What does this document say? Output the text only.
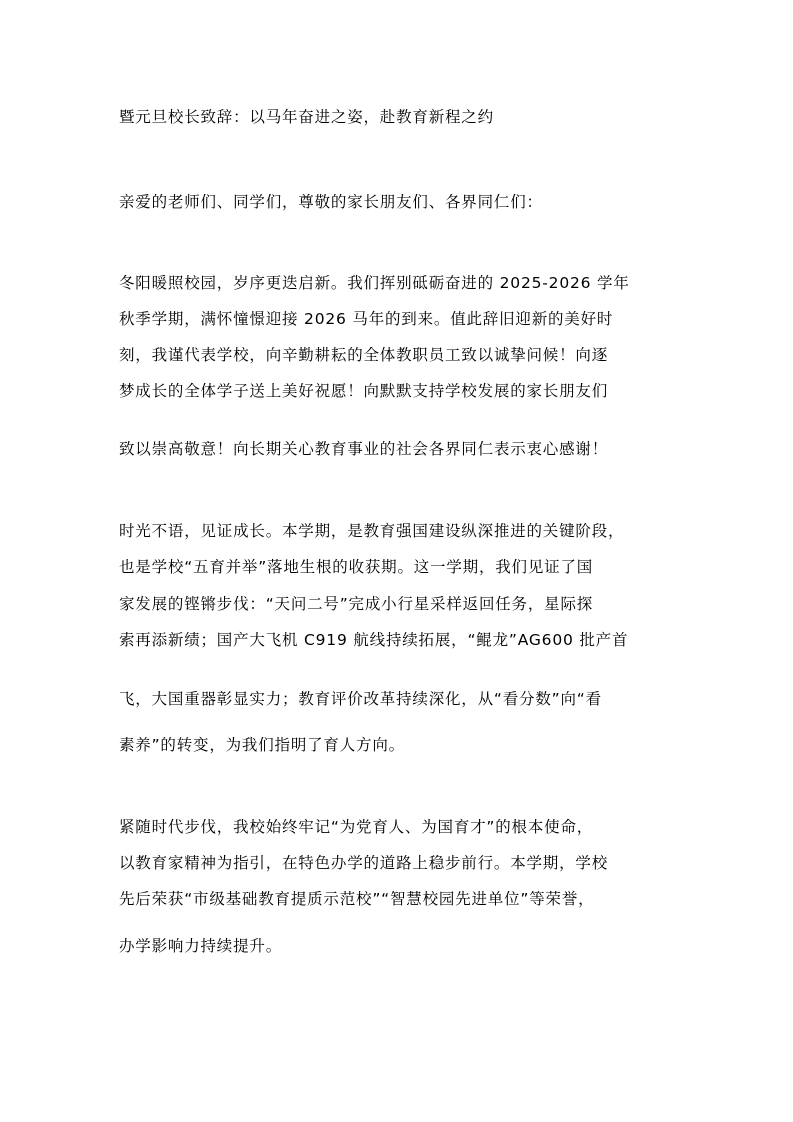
暨元旦校长致辞：以马年奋进之姿，赴教育新程之约
亲爱的老师们、同学们，尊敬的家长朋友们、各界同仁们：
冬阳暖照校园，岁序更迭启新。我们挥别砥砺奋进的 2025-2026 学年
秋季学期，满怀憧憬迎接 2026 马年的到来。值此辞旧迎新的美好时
刻，我谨代表学校，向辛勤耕耘的全体教职员工致以诚挚问候！向逐
梦成长的全体学子送上美好祝愿！向默默支持学校发展的家长朋友们
致以崇高敬意！向长期关心教育事业的社会各界同仁表示衷心感谢！
时光不语，见证成长。本学期，是教育强国建设纵深推进的关键阶段，
也是学校“五育并举”落地生根的收获期。这一学期，我们见证了国
家发展的铿锵步伐：“天问二号”完成小行星采样返回任务，星际探
索再添新绩；国产大飞机 C919 航线持续拓展，“鲲龙”AG600 批产首
飞，大国重器彰显实力；教育评价改革持续深化，从“看分数”向“看
素养”的转变，为我们指明了育人方向。
紧随时代步伐，我校始终牢记“为党育人、为国育才”的根本使命，
以教育家精神为指引，在特色办学的道路上稳步前行。本学期，学校
先后荣获“市级基础教育提质示范校”“智慧校园先进单位”等荣誉，
办学影响力持续提升。
